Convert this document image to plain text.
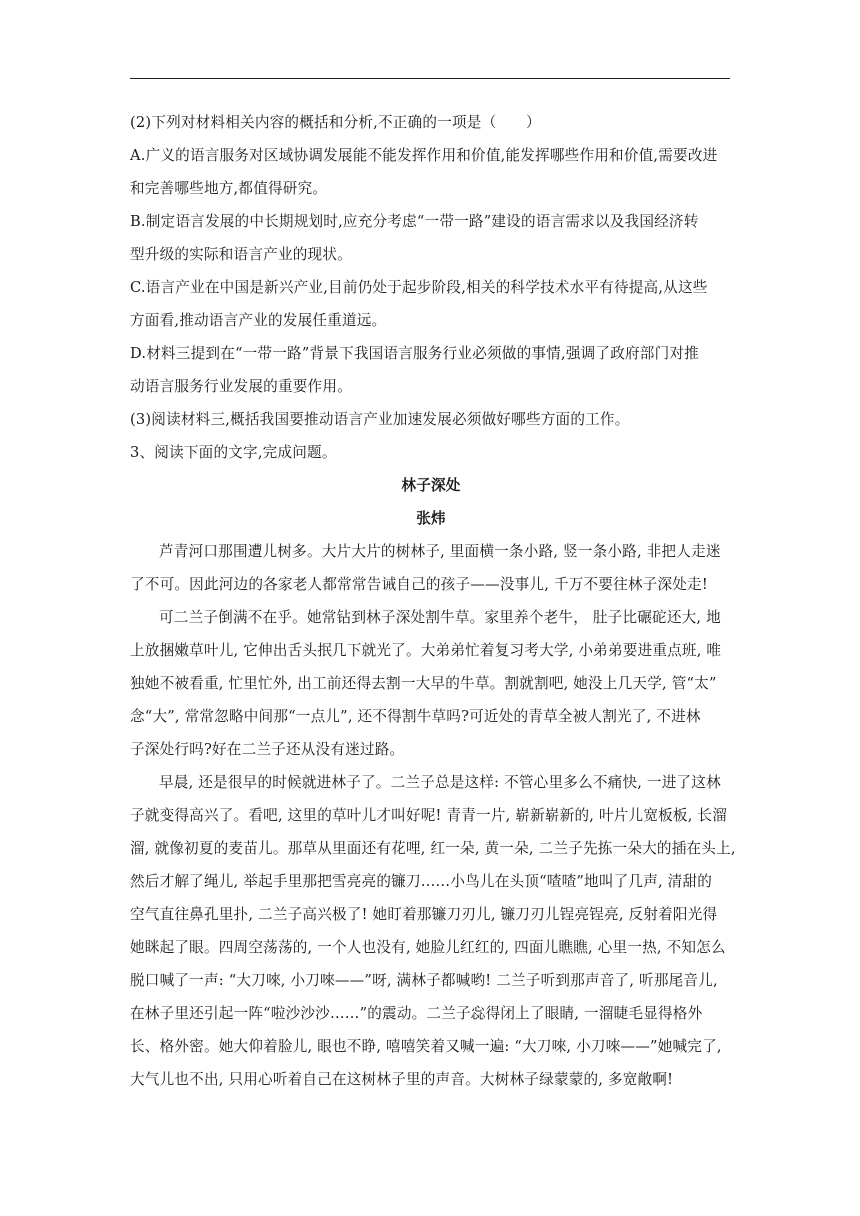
(2)下列对材料相关内容的概括和分析,不正确的一项是（　　）
A.广义的语言服务对区域协调发展能不能发挥作用和价值,能发挥哪些作用和价值,需要改进
和完善哪些地方,都值得研究。
B.制定语言发展的中长期规划时,应充分考虑“一带一路”建设的语言需求以及我国经济转
型升级的实际和语言产业的现状。
C.语言产业在中国是新兴产业,目前仍处于起步阶段,相关的科学技术水平有待提高,从这些
方面看,推动语言产业的发展任重道远。
D.材料三提到在“一带一路”背景下我国语言服务行业必须做的事情,强调了政府部门对推
动语言服务行业发展的重要作用。
(3)阅读材料三,概括我国要推动语言产业加速发展必须做好哪些方面的工作。
3、阅读下面的文字,完成问题。
林子深处
张炜
芦青河口那围遭儿树多。大片大片的树林子, 里面横一条小路, 竖一条小路, 非把人走迷
了不可。因此河边的各家老人都常常告诫自己的孩子——没事儿, 千万不要往林子深处走!
可二兰子倒满不在乎。她常钻到林子深处割牛草。家里养个老牛， 肚子比碾砣还大, 地
上放捆嫩草叶儿, 它伸出舌头抿几下就光了。大弟弟忙着复习考大学, 小弟弟要进重点班, 唯
独她不被看重, 忙里忙外, 出工前还得去割一大早的牛草。割就割吧, 她没上几天学, 管“太”
念“大”, 常常忽略中间那“一点儿”, 还不得割牛草吗?可近处的青草全被人割光了, 不进林
子深处行吗?好在二兰子还从没有迷过路。
早晨, 还是很早的时候就进林子了。二兰子总是这样: 不管心里多么不痛快, 一进了这林
子就变得高兴了。看吧, 这里的草叶儿才叫好呢! 青青一片, 崭新崭新的, 叶片儿宽板板, 长溜
溜, 就像初夏的麦苗儿。那草从里面还有花哩, 红一朵, 黄一朵, 二兰子先拣一朵大的插在头上,
然后才解了绳儿, 举起手里那把雪亮亮的镰刀……小鸟儿在头顶“喳喳”地叫了几声, 清甜的
空气直往鼻孔里扑, 二兰子高兴极了! 她盯着那镰刀刃儿, 镰刀刃儿锃亮锃亮, 反射着阳光得
她眯起了眼。四周空荡荡的, 一个人也没有, 她脸儿红红的, 四面儿瞧瞧, 心里一热, 不知怎么
脱口喊了一声: “大刀唻, 小刀唻——”呀, 满林子都喊哟! 二兰子听到那声音了, 听那尾音儿,
在林子里还引起一阵“啦沙沙沙……”的震动。二兰子惢得闭上了眼睛, 一溜睫毛显得格外
长、格外密。她大仰着脸儿, 眼也不睁, 嘻嘻笑着又喊一遍: “大刀唻, 小刀唻——”她喊完了,
大气儿也不出, 只用心听着自己在这树林子里的声音。大树林子绿蒙蒙的, 多宽敞啊!
